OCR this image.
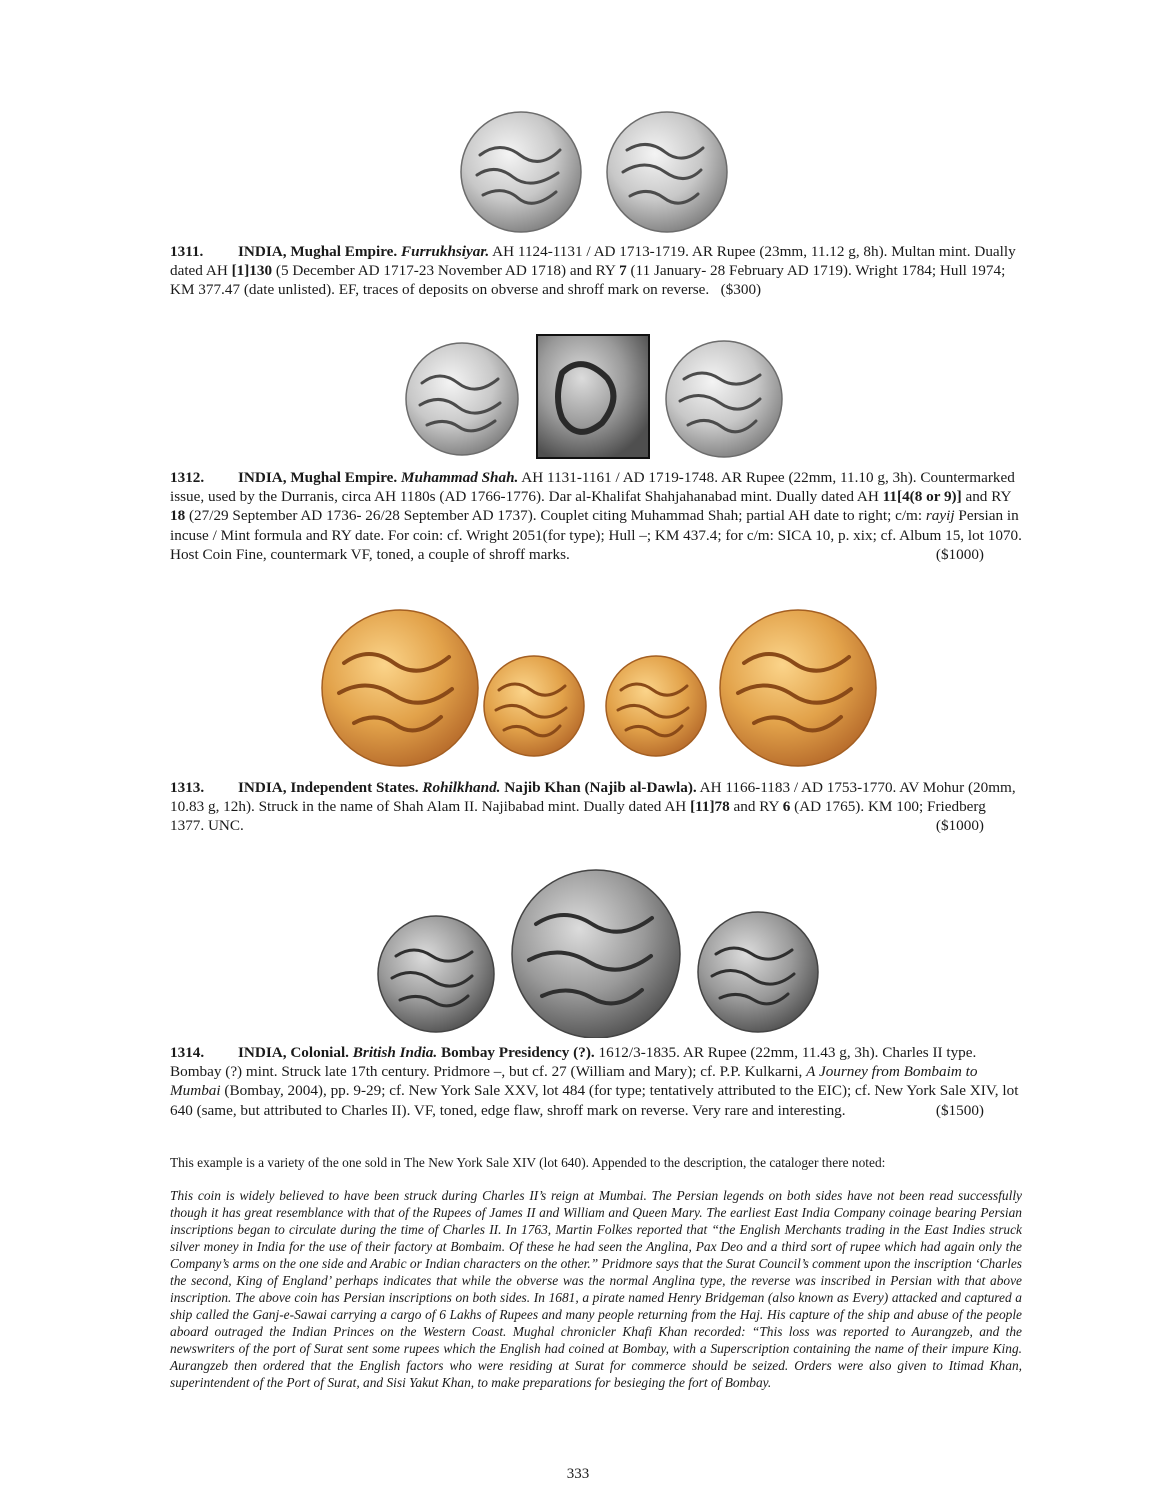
1311. INDIA, Mughal Empire. Furrukhsiyar. AH 1124-1131 / AD 1713-1719. AR Rupee (23mm, 11.12 g, 8h). Multan mint. Dually dated AH [1]130 (5 December AD 1717-23 November AD 1718) and RY 7 (11 January- 28 February AD 1719). Wright 1784; Hull 1974; KM 377.47 (date unlisted). EF, traces of deposits on obverse and shroff mark on reverse. ($300)
1312. INDIA, Mughal Empire. Muhammad Shah. AH 1131-1161 / AD 1719-1748. AR Rupee (22mm, 11.10 g, 3h). Countermarked issue, used by the Durranis, circa AH 1180s (AD 1766-1776). Dar al-Khalifat Shahjahanabad mint. Dually dated AH 11[4(8 or 9)] and RY 18 (27/29 September AD 1736- 26/28 September AD 1737). Couplet citing Muhammad Shah; partial AH date to right; c/m: rayij Persian in incuse / Mint formula and RY date. For coin: cf. Wright 2051(for type); Hull –; KM 437.4; for c/m: SICA 10, p. xix; cf. Album 15, lot 1070. Host Coin Fine, countermark VF, toned, a couple of shroff marks.	($1000)
1313. INDIA, Independent States. Rohilkhand. Najib Khan (Najib al-Dawla). AH 1166-1183 / AD 1753-1770. AV Mohur (20mm, 10.83 g, 12h). Struck in the name of Shah Alam II. Najibabad mint. Dually dated AH [11]78 and RY 6 (AD 1765). KM 100; Friedberg 1377. UNC.	($1000)
1314. INDIA, Colonial. British India. Bombay Presidency (?). 1612/3-1835. AR Rupee (22mm, 11.43 g, 3h). Charles II type. Bombay (?) mint. Struck late 17th century. Pridmore –, but cf. 27 (William and Mary); cf. P.P. Kulkarni, A Journey from Bombaim to Mumbai (Bombay, 2004), pp. 9-29; cf. New York Sale XXV, lot 484 (for type; tentatively attributed to the EIC); cf. New York Sale XIV, lot 640 (same, but attributed to Charles II). VF, toned, edge flaw, shroff mark on reverse. Very rare and interesting.	($1500)
This example is a variety of the one sold in The New York Sale XIV (lot 640). Appended to the description, the cataloger there noted:
This coin is widely believed to have been struck during Charles II’s reign at Mumbai. The Persian legends on both sides have not been read successfully though it has great resemblance with that of the Rupees of James II and William and Queen Mary. The earliest East India Company coinage bearing Persian inscriptions began to circulate during the time of Charles II. In 1763, Martin Folkes reported that “the English Merchants trading in the East Indies struck silver money in India for the use of their factory at Bombaim. Of these he had seen the Anglina, Pax Deo and a third sort of rupee which had again only the Company’s arms on the one side and Arabic or Indian characters on the other.” Pridmore says that the Surat Council’s comment upon the inscription ‘Charles the second, King of England’ perhaps indicates that while the obverse was the normal Anglina type, the reverse was inscribed in Persian with that above inscription. The above coin has Persian inscriptions on both sides. In 1681, a pirate named Henry Bridgeman (also known as Every) attacked and captured a ship called the Ganj-e-Sawai carrying a cargo of 6 Lakhs of Rupees and many people returning from the Haj. His capture of the ship and abuse of the people aboard outraged the Indian Princes on the Western Coast. Mughal chronicler Khafi Khan recorded: “This loss was reported to Aurangzeb, and the newswriters of the port of Surat sent some rupees which the English had coined at Bombay, with a Superscription containing the name of their impure King. Aurangzeb then ordered that the English factors who were residing at Surat for commerce should be seized. Orders were also given to Itimad Khan, superintendent of the Port of Surat, and Sisi Yakut Khan, to make preparations for besieging the fort of Bombay.
333
